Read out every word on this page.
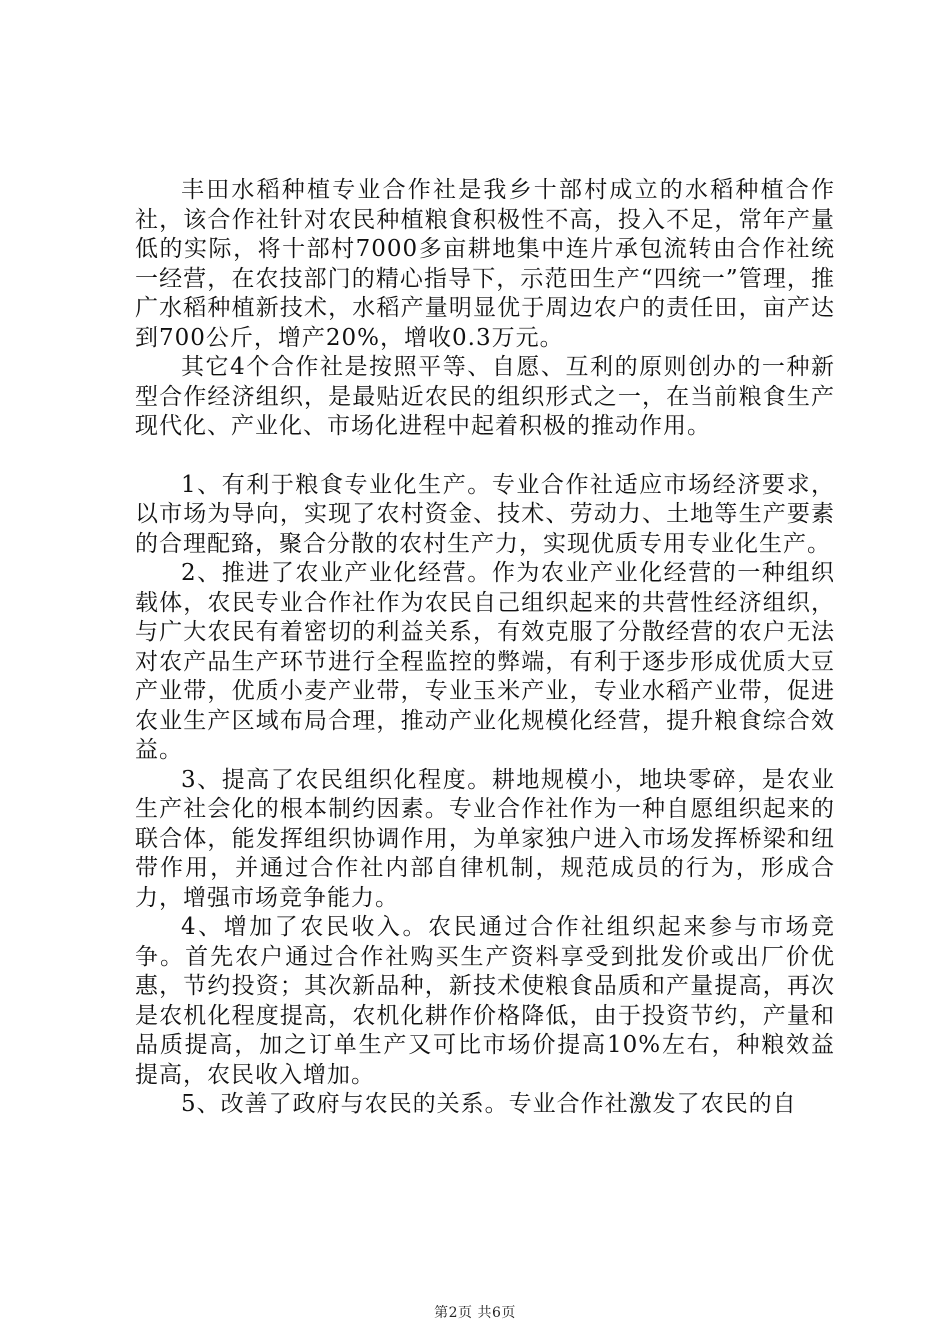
丰田水稻种植专业合作社是我乡十部村成立的水稻种植合作社，该合作社针对农民种植粮食积极性不高，投入不足，常年产量低的实际，将十部村7000多亩耕地集中连片承包流转由合作社统一经营，在农技部门的精心指导下，示范田生产“四统一”管理，推广水稻种植新技术，水稻产量明显优于周边农户的责任田，亩产达到700公斤，增产20%，增收0.3万元。

其它4个合作社是按照平等、自愿、互利的原则创办的一种新型合作经济组织，是最贴近农民的组织形式之一，在当前粮食生产现代化、产业化、市场化进程中起着积极的推动作用。

1、有利于粮食专业化生产。专业合作社适应市场经济要求，以市场为导向，实现了农村资金、技术、劳动力、土地等生产要素的合理配臵，聚合分散的农村生产力，实现优质专用专业化生产。

2、推进了农业产业化经营。作为农业产业化经营的一种组织载体，农民专业合作社作为农民自己组织起来的共营性经济组织，与广大农民有着密切的利益关系，有效克服了分散经营的农户无法对农产品生产环节进行全程监控的弊端，有利于逐步形成优质大豆产业带，优质小麦产业带，专业玉米产业，专业水稻产业带，促进农业生产区域布局合理，推动产业化规模化经营，提升粮食综合效益。

3、提高了农民组织化程度。耕地规模小，地块零碎，是农业生产社会化的根本制约因素。专业合作社作为一种自愿组织起来的联合体，能发挥组织协调作用，为单家独户进入市场发挥桥梁和纽带作用，并通过合作社内部自律机制，规范成员的行为，形成合力，增强市场竞争能力。

4、增加了农民收入。农民通过合作社组织起来参与市场竞争。首先农户通过合作社购买生产资料享受到批发价或出厂价优惠，节约投资；其次新品种，新技术使粮食品质和产量提高，再次是农机化程度提高，农机化耕作价格降低，由于投资节约，产量和品质提高，加之订单生产又可比市场价提高10%左右，种粮效益提高，农民收入增加。

5、改善了政府与农民的关系。专业合作社激发了农民的自

第2页 共6页
